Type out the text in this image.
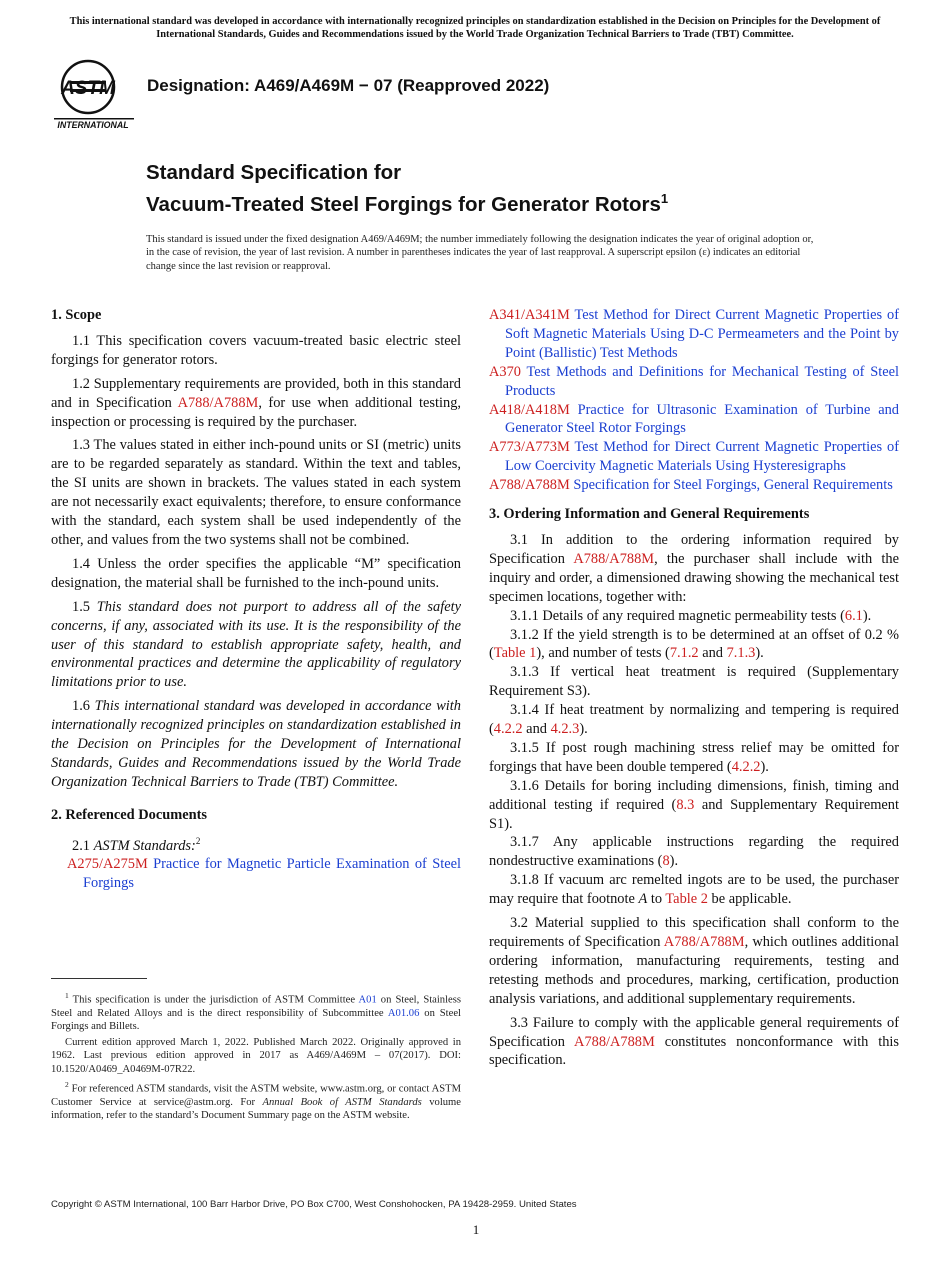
This international standard was developed in accordance with internationally recognized principles on standardization established in the Decision on Principles for the Development of International Standards, Guides and Recommendations issued by the World Trade Organization Technical Barriers to Trade (TBT) Committee.
ASTM
INTERNATIONAL
Designation: A469/A469M − 07 (Reapproved 2022)
Standard Specification for
Vacuum-Treated Steel Forgings for Generator Rotors$^1$
This standard is issued under the fixed designation A469/A469M; the number immediately following the designation indicates the year of original adoption or, in the case of revision, the year of last revision. A number in parentheses indicates the year of last reapproval. A superscript epsilon (ε) indicates an editorial change since the last revision or reapproval.
1. Scope

1.1 This specification covers vacuum-treated basic electric steel forgings for generator rotors.

1.2 Supplementary requirements are provided, both in this standard and in Specification A788/A788M, for use when additional testing, inspection or processing is required by the purchaser.

1.3 The values stated in either inch-pound units or SI (metric) units are to be regarded separately as standard. Within the text and tables, the SI units are shown in brackets. The values stated in each system are not necessarily exact equivalents; therefore, to ensure conformance with the standard, each system shall be used independently of the other, and values from the two systems shall not be combined.

1.4 Unless the order specifies the applicable “M” specification designation, the material shall be furnished to the inch-pound units.

1.5 This standard does not purport to address all of the safety concerns, if any, associated with its use. It is the responsibility of the user of this standard to establish appropriate safety, health, and environmental practices and determine the applicability of regulatory limitations prior to use.

1.6 This international standard was developed in accordance with internationally recognized principles on standardization established in the Decision on Principles for the Development of International Standards, Guides and Recommendations issued by the World Trade Organization Technical Barriers to Trade (TBT) Committee.

2. Referenced Documents

2.1 ASTM Standards:$^2$

A275/A275M Practice for Magnetic Particle Examination of Steel Forgings
A341/A341M Test Method for Direct Current Magnetic Properties of Soft Magnetic Materials Using D-C Permeameters and the Point by Point (Ballistic) Test Methods
A370 Test Methods and Definitions for Mechanical Testing of Steel Products
A418/A418M Practice for Ultrasonic Examination of Turbine and Generator Steel Rotor Forgings
A773/A773M Test Method for Direct Current Magnetic Properties of Low Coercivity Magnetic Materials Using Hysteresigraphs
A788/A788M Specification for Steel Forgings, General Requirements
3. Ordering Information and General Requirements

3.1 In addition to the ordering information required by Specification A788/A788M, the purchaser shall include with the inquiry and order, a dimensioned drawing showing the mechanical test specimen locations, together with:

3.1.1 Details of any required magnetic permeability tests (6.1).

3.1.2 If the yield strength is to be determined at an offset of 0.2 % (Table 1), and number of tests (7.1.2 and 7.1.3).

3.1.3 If vertical heat treatment is required (Supplementary Requirement S3).

3.1.4 If heat treatment by normalizing and tempering is required (4.2.2 and 4.2.3).

3.1.5 If post rough machining stress relief may be omitted for forgings that have been double tempered (4.2.2).

3.1.6 Details for boring including dimensions, finish, timing and additional testing if required (8.3 and Supplementary Requirement S1).

3.1.7 Any applicable instructions regarding the required nondestructive examinations (8).

3.1.8 If vacuum arc remelted ingots are to be used, the purchaser may require that footnote A to Table 2 be applicable.

3.2 Material supplied to this specification shall conform to the requirements of Specification A788/A788M, which outlines additional ordering information, manufacturing requirements, testing and retesting methods and procedures, marking, certification, production analysis variations, and additional supplementary requirements.

3.3 Failure to comply with the applicable general requirements of Specification A788/A788M constitutes nonconformance with this specification.

$^1$ This specification is under the jurisdiction of ASTM Committee A01 on Steel, Stainless Steel and Related Alloys and is the direct responsibility of Subcommittee A01.06 on Steel Forgings and Billets.

Current edition approved March 1, 2022. Published March 2022. Originally approved in 1962. Last previous edition approved in 2017 as A469/A469M – 07(2017). DOI: 10.1520/A0469_A0469M-07R22.

$^2$ For referenced ASTM standards, visit the ASTM website, www.astm.org, or contact ASTM Customer Service at service@astm.org. For Annual Book of ASTM Standards volume information, refer to the standard’s Document Summary page on the ASTM website.

Copyright © ASTM International, 100 Barr Harbor Drive, PO Box C700, West Conshohocken, PA 19428-2959. United States
1
